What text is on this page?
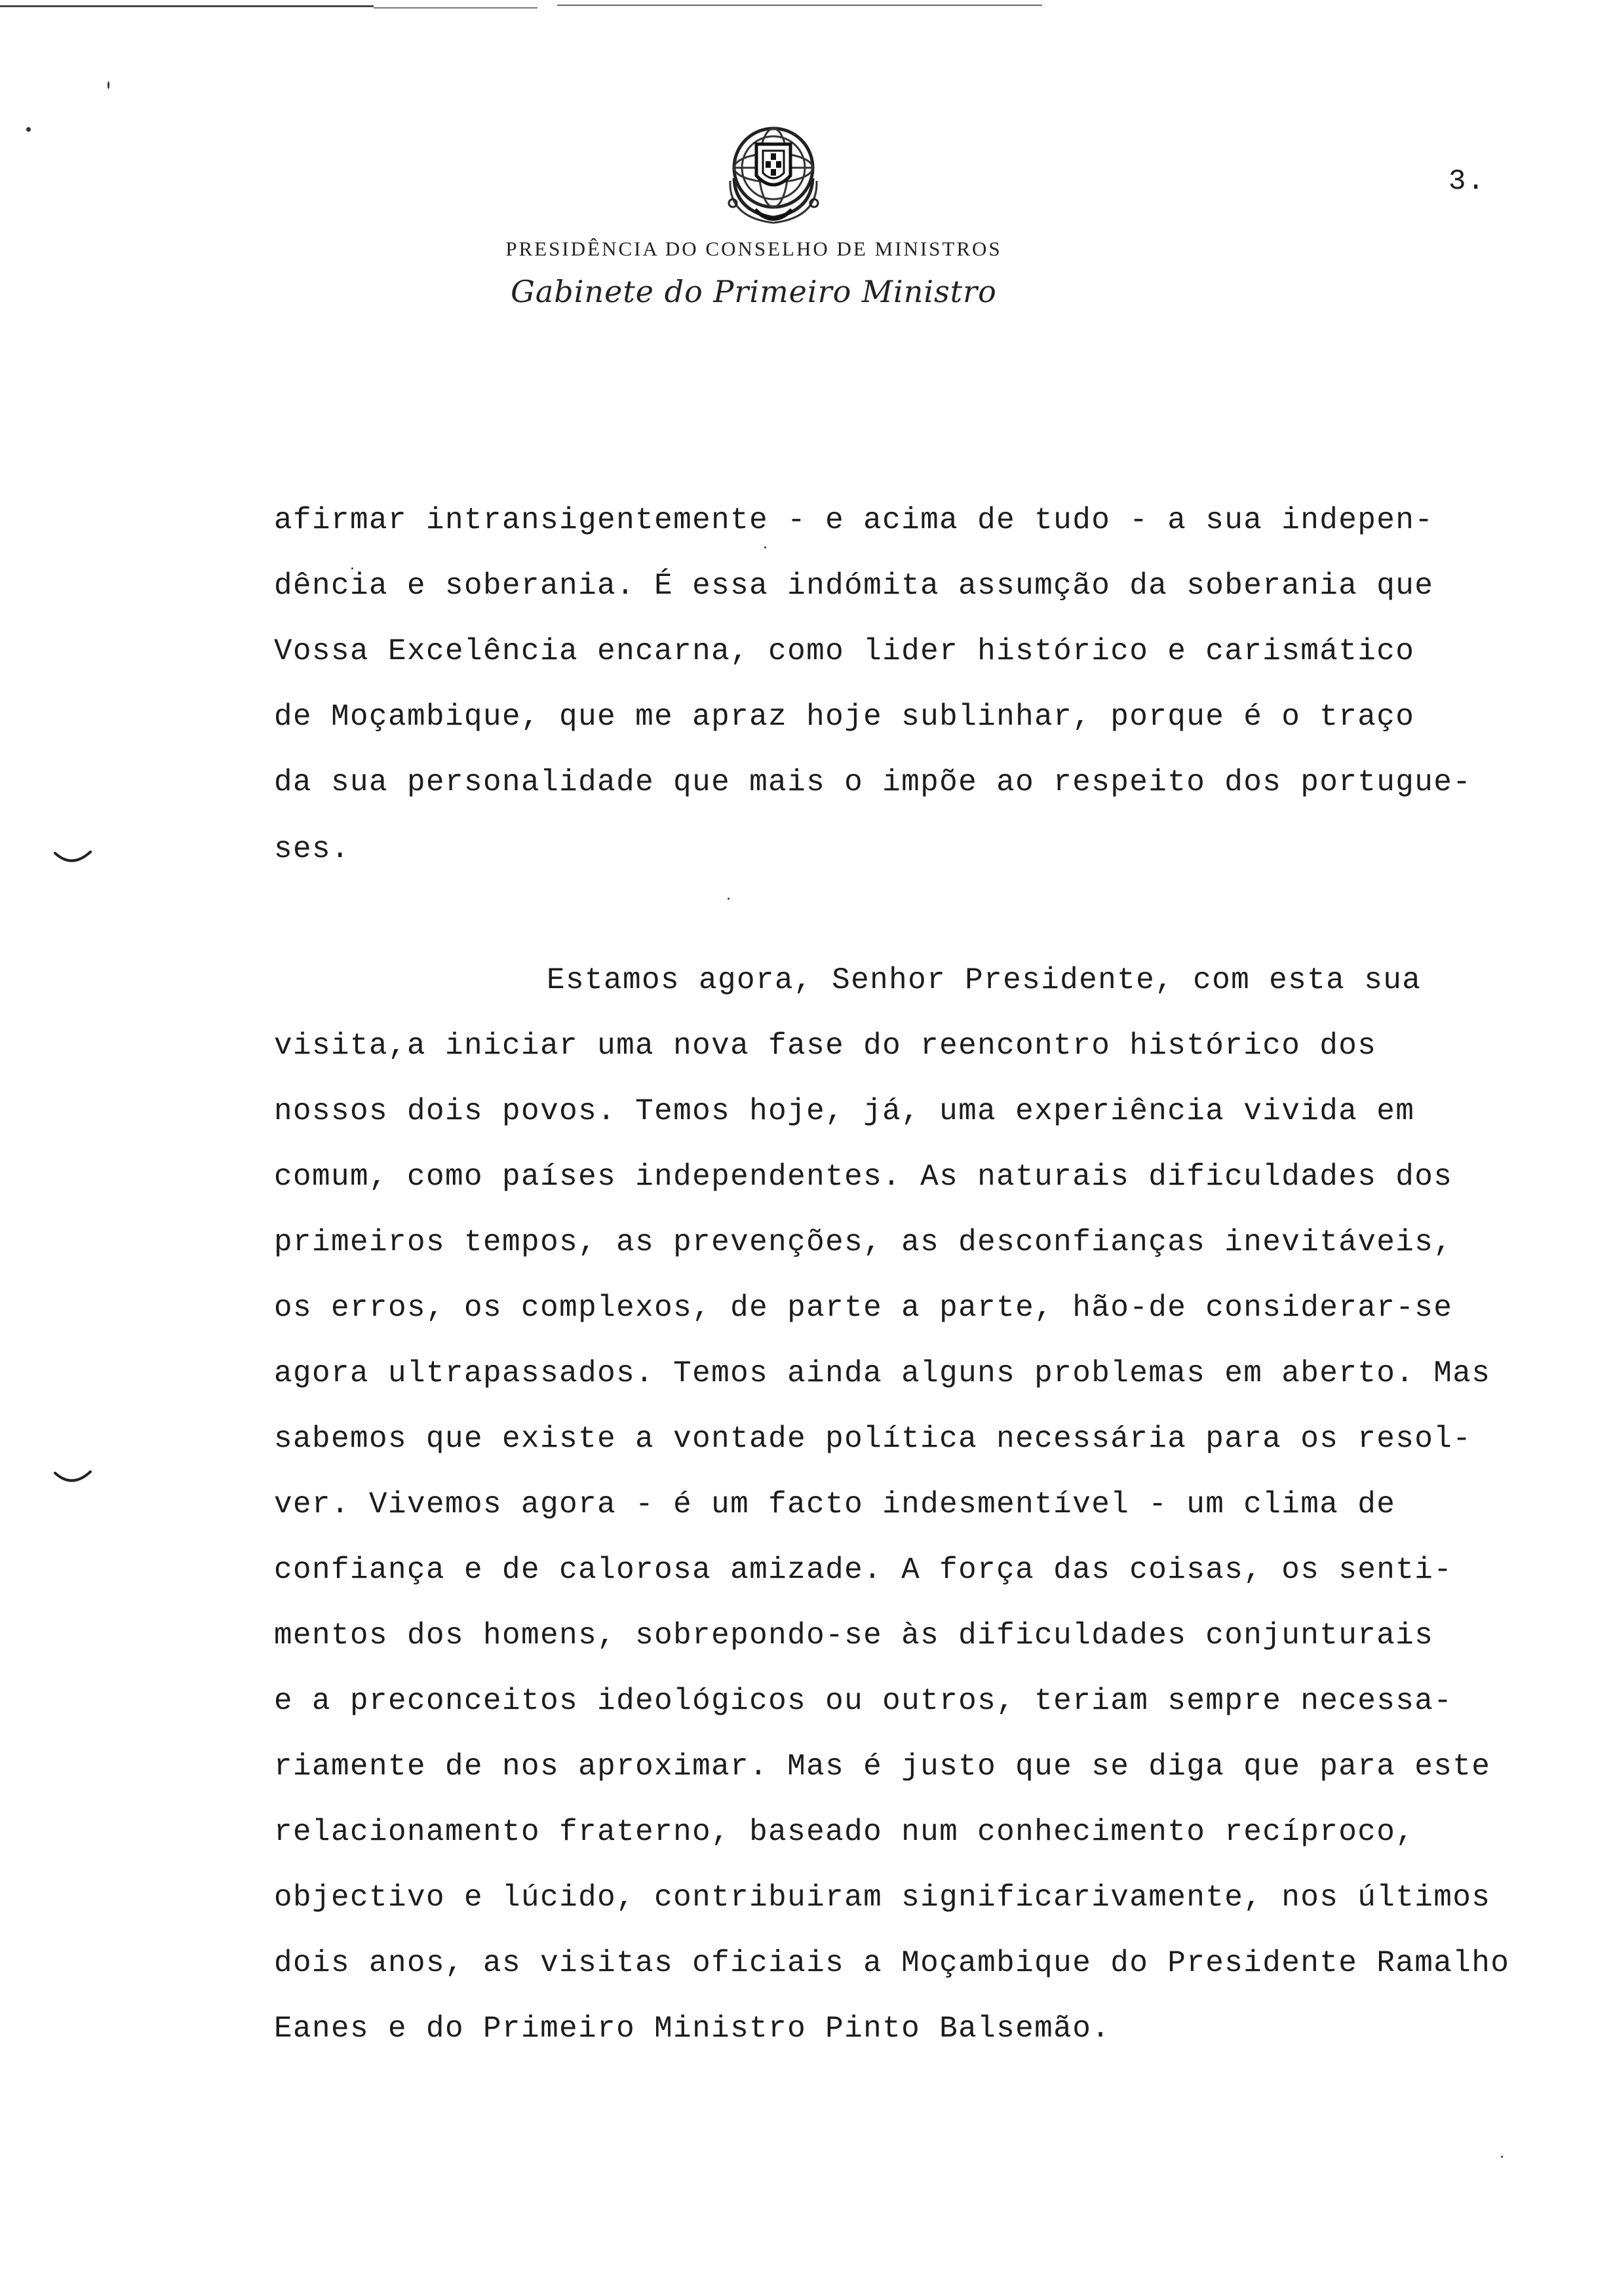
3.
PRESIDÊNCIA DO CONSELHO DE MINISTROS
Gabinete do Primeiro Ministro
afirmar intransigentemente - e acima de tudo - a sua indepen-
dência e soberania. É essa indómita assumção da soberania que
Vossa Excelência encarna, como lider histórico e carismático
de Moçambique, que me apraz hoje sublinhar, porque é o traço
da sua personalidade que mais o impõe ao respeito dos portugue-
ses.
Estamos agora, Senhor Presidente, com esta sua
visita,a iniciar uma nova fase do reencontro histórico dos
nossos dois povos. Temos hoje, já, uma experiência vivida em
comum, como países independentes. As naturais dificuldades dos
primeiros tempos, as prevenções, as desconfianças inevitáveis,
os erros, os complexos, de parte a parte, hão-de considerar-se
agora ultrapassados. Temos ainda alguns problemas em aberto. Mas
sabemos que existe a vontade política necessária para os resol-
ver. Vivemos agora - é um facto indesmentível - um clima de
confiança e de calorosa amizade. A força das coisas, os senti-
mentos dos homens, sobrepondo-se às dificuldades conjunturais
e a preconceitos ideológicos ou outros, teriam sempre necessa-
riamente de nos aproximar. Mas é justo que se diga que para este
relacionamento fraterno, baseado num conhecimento recíproco,
objectivo e lúcido, contribuiram significarivamente, nos últimos
dois anos, as visitas oficiais a Moçambique do Presidente Ramalho
Eanes e do Primeiro Ministro Pinto Balsemão.
